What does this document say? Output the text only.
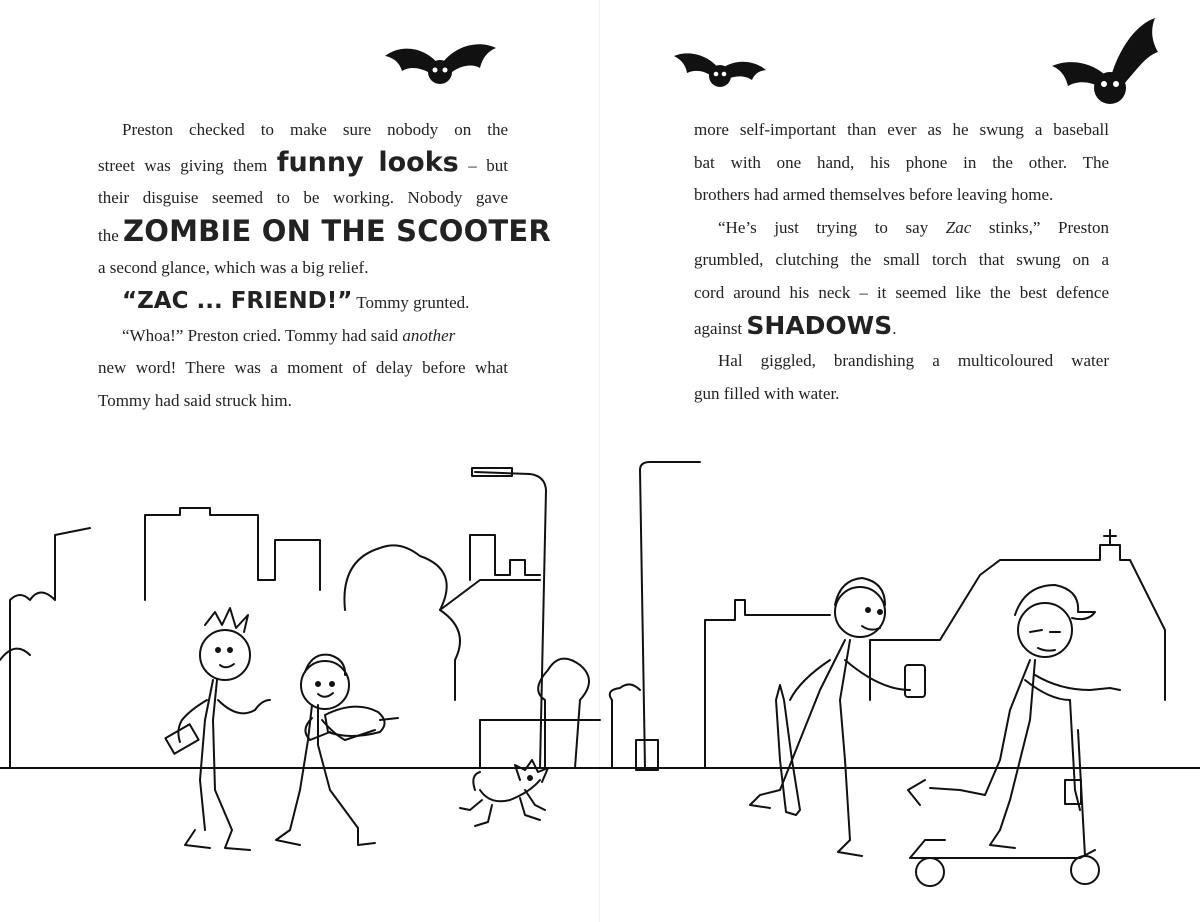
Preston checked to make sure nobody on the
street was giving them funny looks – but
their disguise seemed to be working. Nobody gave
the ZOMBIE ON THE SCOOTER
a second glance, which was a big relief.
“ZAC ... FRIEND!” Tommy grunted.
“Whoa!” Preston cried. Tommy had said another
new word! There was a moment of delay before what
Tommy had said struck him.
more self-important than ever as he swung a baseball
bat with one hand, his phone in the other. The
brothers had armed themselves before leaving home.
“He’s just trying to say Zac stinks,” Preston
grumbled, clutching the small torch that swung on a
cord around his neck – it seemed like the best defence
against SHADOWS.
Hal giggled, brandishing a multicoloured water
gun filled with water.
